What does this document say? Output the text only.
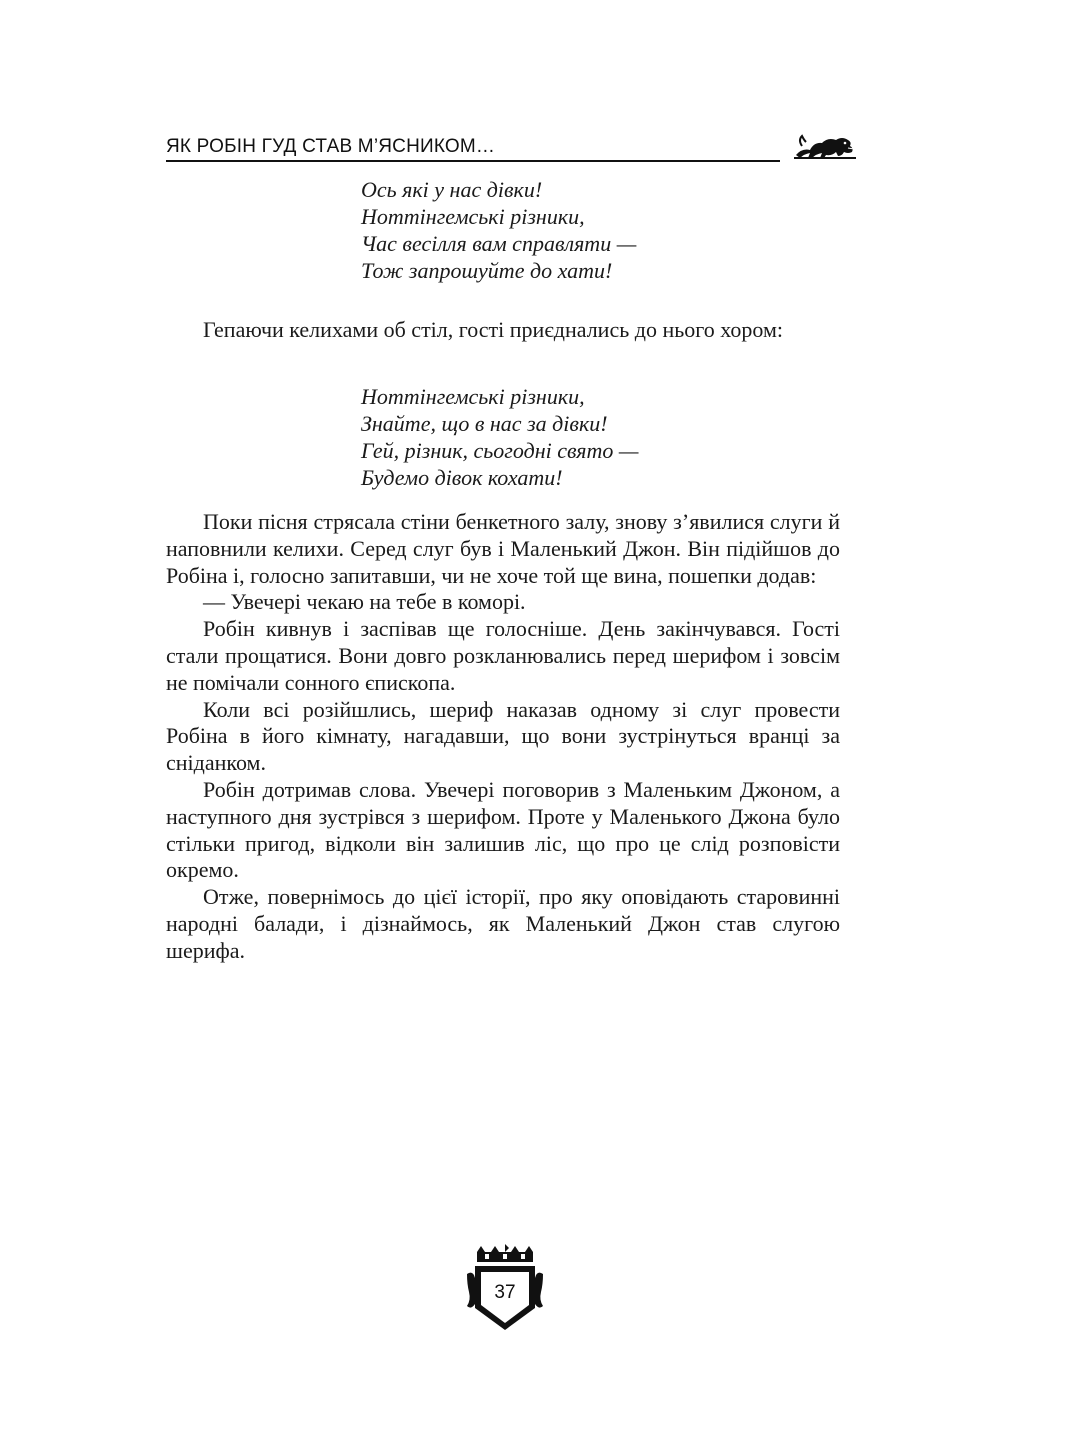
ЯК РОБІН ГУД СТАВ М’ЯСНИКОМ…
Ось які у нас дівки!
Ноттінгемські різники,
Час весілля вам справляти —
Тож запрошуйте до хати!

Гепаючи келихами об стіл, гості приєднались до нього хором:

Ноттінгемські різники,
Знайте, що в нас за дівки!
Гей, різник, сьогодні свято —
Будемо дівок кохати!

Поки пісня стрясала стіни бенкетного залу, знову з’явилися слуги й наповнили келихи. Серед слуг був і Маленький Джон. Він підійшов до Робіна і, голосно запитавши, чи не хоче той ще вина, пошепки додав:

— Увечері чекаю на тебе в коморі.

Робін кивнув і заспівав ще голосніше. День закінчувався. Гості стали прощатися. Вони довго розкланювались перед шерифом і зовсім не помічали сонного єпископа.

Коли всі розійшлись, шериф наказав одному зі слуг провести Робіна в його кімнату, нагадавши, що вони зустрінуться вранці за сніданком.

Робін дотримав слова. Увечері поговорив з Маленьким Джоном, а наступного дня зустрівся з шерифом. Проте у Маленького Джона було стільки пригод, відколи він залишив ліс, що про це слід розповісти окремо.

Отже, повернімось до цієї історії, про яку оповідають старовинні народні балади, і дізнаймось, як Маленький Джон став слугою шерифа.

37
